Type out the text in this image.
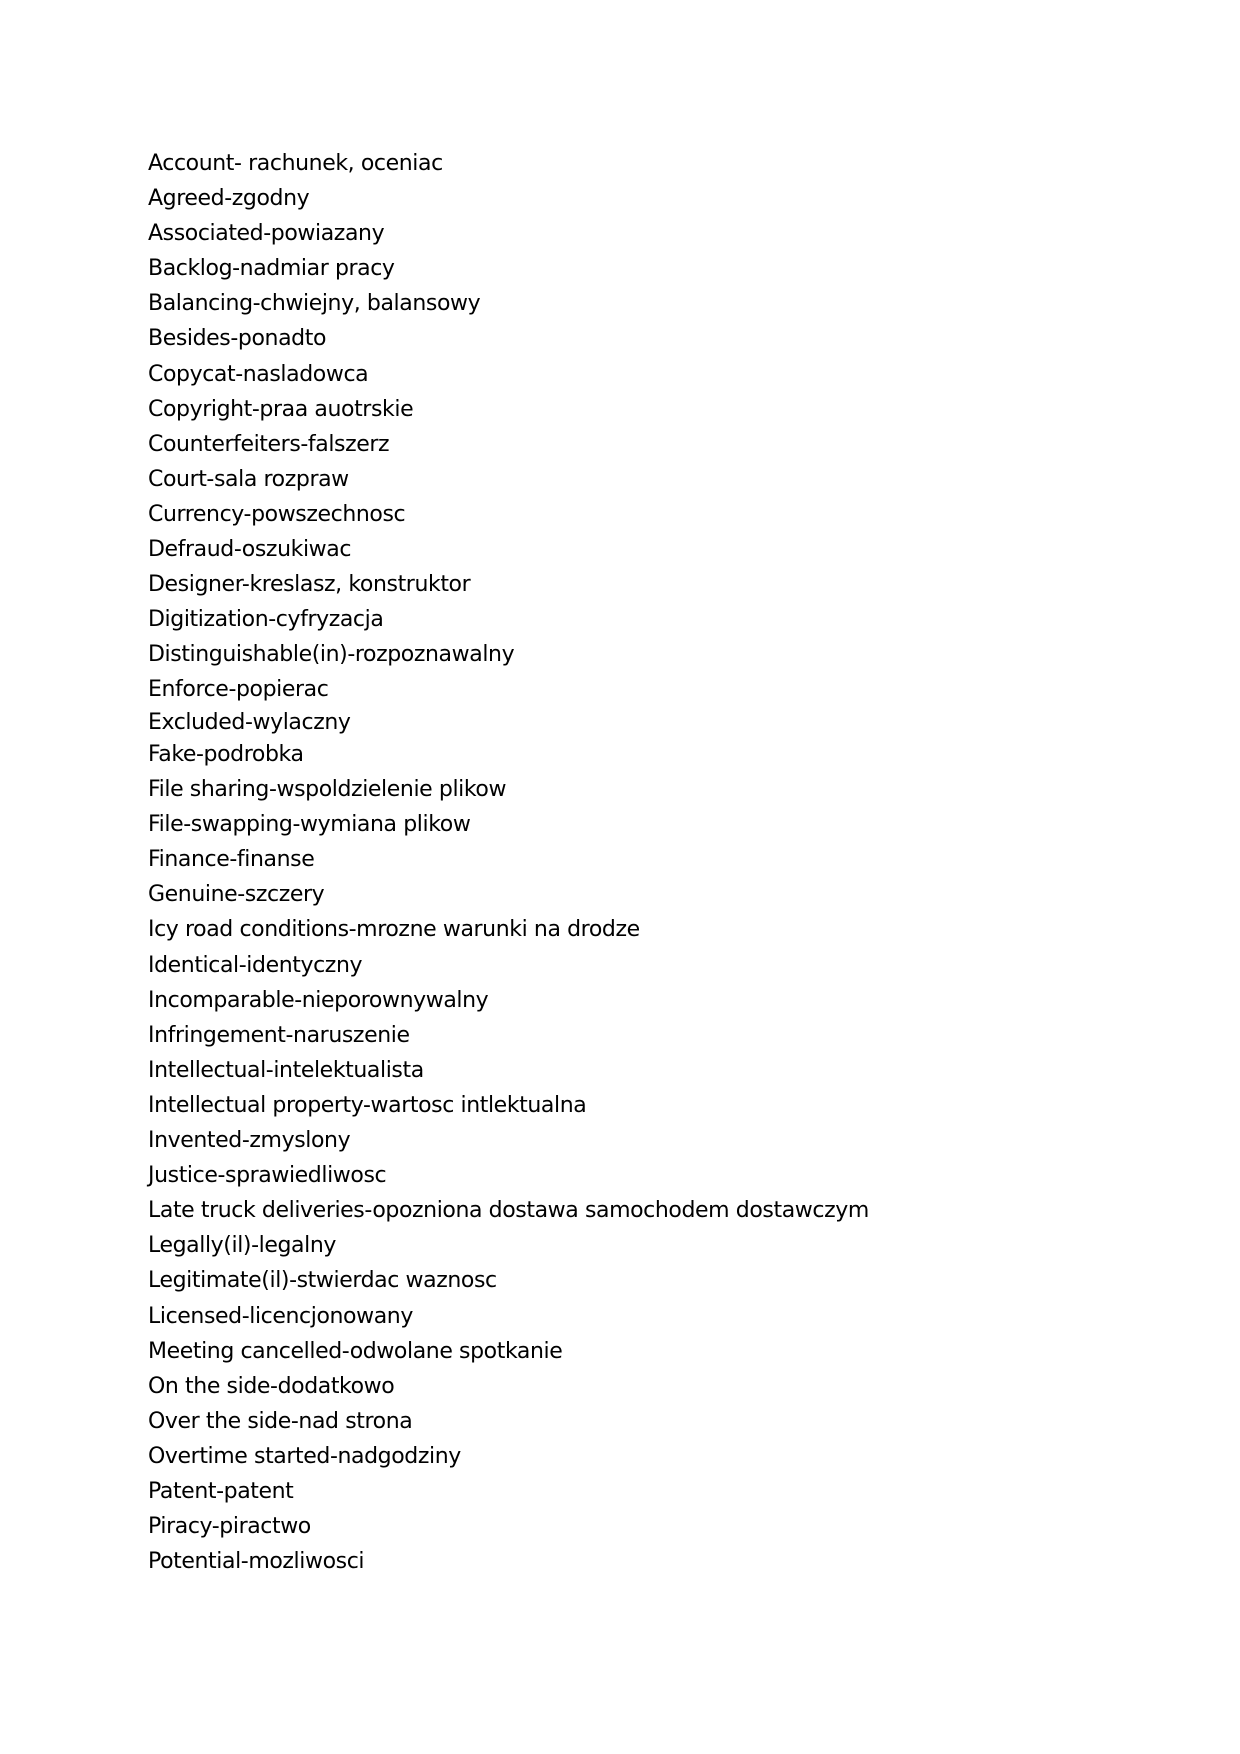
Account- rachunek, oceniac
Agreed-zgodny
Associated-powiazany
Backlog-nadmiar pracy
Balancing-chwiejny, balansowy
Besides-ponadto
Copycat-nasladowca
Copyright-praa auotrskie
Counterfeiters-falszerz
Court-sala rozpraw
Currency-powszechnosc
Defraud-oszukiwac
Designer-kreslasz, konstruktor
Digitization-cyfryzacja
Distinguishable(in)-rozpoznawalny
Enforce-popierac
Excluded-wylaczny
Fake-podrobka
File sharing-wspoldzielenie plikow
File-swapping-wymiana plikow
Finance-finanse
Genuine-szczery
Icy road conditions-mrozne warunki na drodze
Identical-identyczny
Incomparable-nieporownywalny
Infringement-naruszenie
Intellectual-intelektualista
Intellectual property-wartosc intlektualna
Invented-zmyslony
Justice-sprawiedliwosc
Late truck deliveries-opozniona dostawa samochodem dostawczym
Legally(il)-legalny
Legitimate(il)-stwierdac waznosc
Licensed-licencjonowany
Meeting cancelled-odwolane spotkanie
On the side-dodatkowo
Over the side-nad strona
Overtime started-nadgodziny
Patent-patent
Piracy-piractwo
Potential-mozliwosci
